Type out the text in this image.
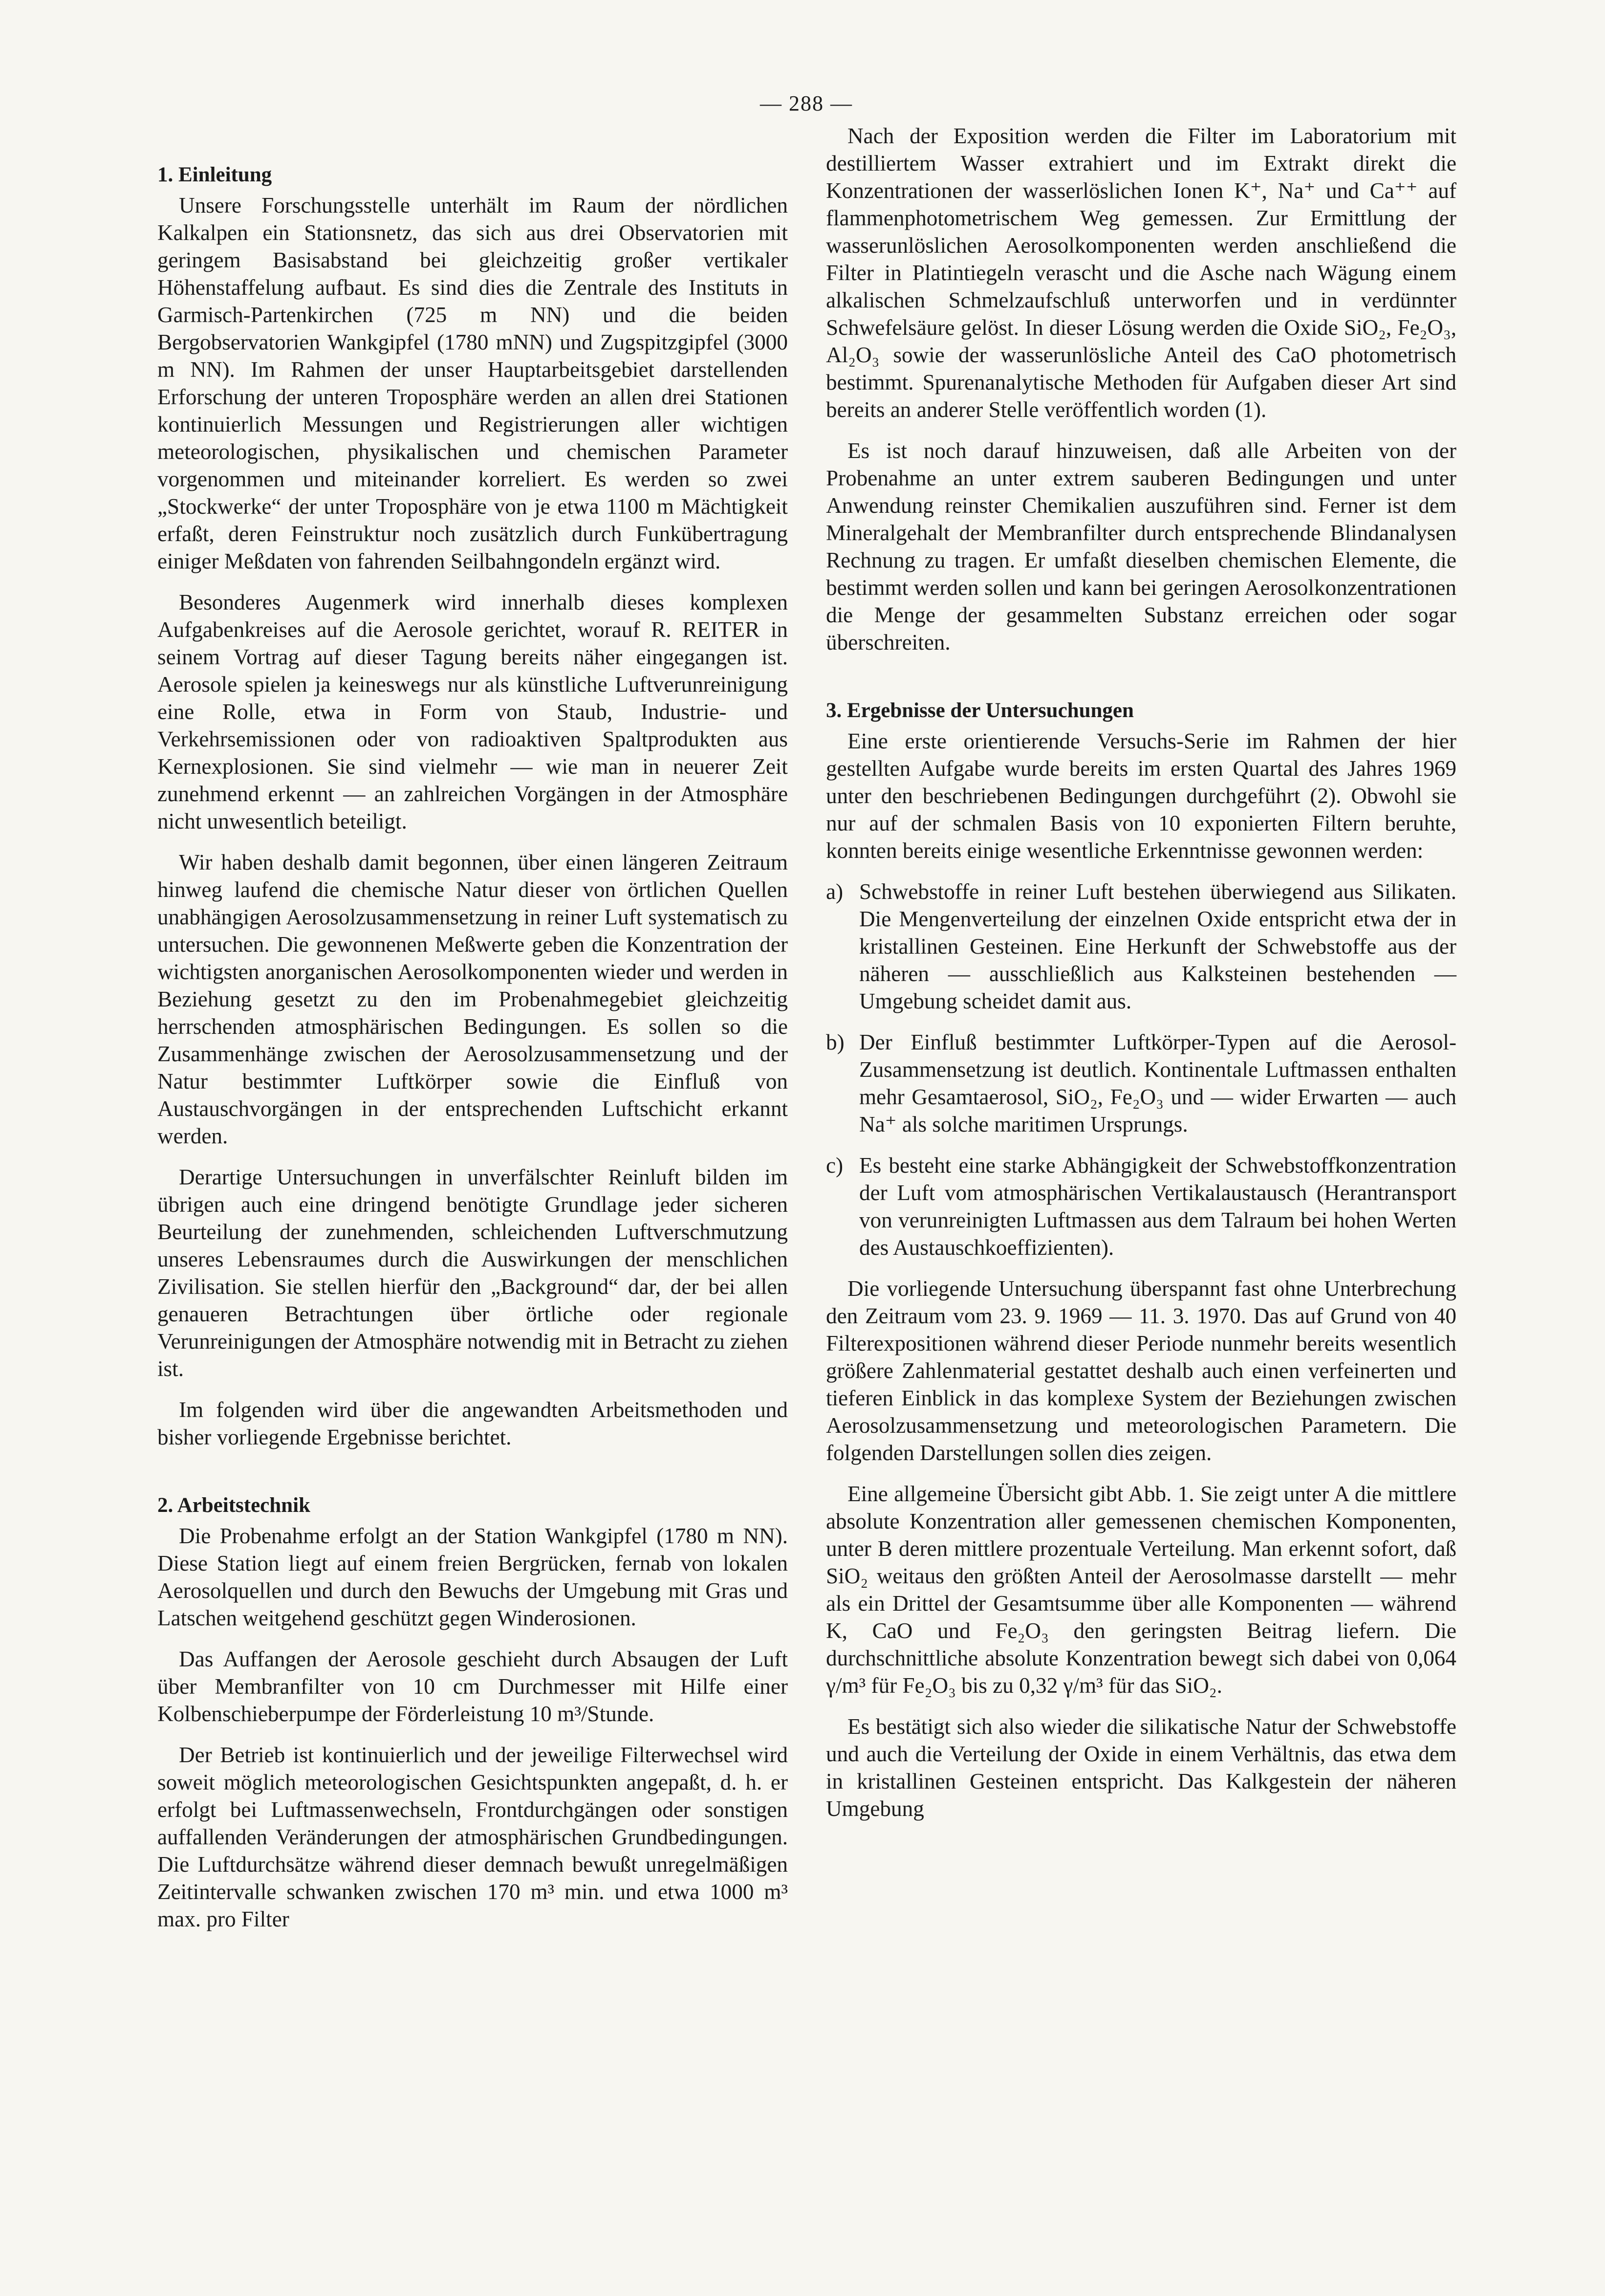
— 288 —
1. Einleitung

Unsere Forschungsstelle unterhält im Raum der nördlichen Kalkalpen ein Stationsnetz, das sich aus drei Observatorien mit geringem Basisabstand bei gleichzeitig großer vertikaler Höhenstaffelung aufbaut. Es sind dies die Zentrale des Instituts in Garmisch-Partenkirchen (725 m NN) und die beiden Bergobservatorien Wankgipfel (1780 mNN) und Zugspitzgipfel (3000 m NN). Im Rahmen der unser Hauptarbeitsgebiet darstellenden Erforschung der unteren Troposphäre werden an allen drei Stationen kontinuierlich Messungen und Registrierungen aller wichtigen meteorologischen, physikalischen und chemischen Parameter vorgenommen und miteinander korreliert. Es werden so zwei „Stockwerke“ der unter Troposphäre von je etwa 1100 m Mächtigkeit erfaßt, deren Feinstruktur noch zusätzlich durch Funkübertragung einiger Meßdaten von fahrenden Seilbahngondeln ergänzt wird.

Besonderes Augenmerk wird innerhalb dieses komplexen Aufgabenkreises auf die Aerosole gerichtet, worauf R. REITER in seinem Vortrag auf dieser Tagung bereits näher eingegangen ist. Aerosole spielen ja keineswegs nur als künstliche Luftverunreinigung eine Rolle, etwa in Form von Staub, Industrie- und Verkehrsemissionen oder von radioaktiven Spaltprodukten aus Kernexplosionen. Sie sind vielmehr — wie man in neuerer Zeit zunehmend erkennt — an zahlreichen Vorgängen in der Atmosphäre nicht unwesentlich beteiligt.

Wir haben deshalb damit begonnen, über einen längeren Zeitraum hinweg laufend die chemische Natur dieser von örtlichen Quellen unabhängigen Aerosolzusammensetzung in reiner Luft systematisch zu untersuchen. Die gewonnenen Meßwerte geben die Konzentration der wichtigsten anorganischen Aerosolkomponenten wieder und werden in Beziehung gesetzt zu den im Probenahmegebiet gleichzeitig herrschenden atmosphärischen Bedingungen. Es sollen so die Zusammenhänge zwischen der Aerosolzusammensetzung und der Natur bestimmter Luftkörper sowie die Einfluß von Austauschvorgängen in der entsprechenden Luftschicht erkannt werden.

Derartige Untersuchungen in unverfälschter Reinluft bilden im übrigen auch eine dringend benötigte Grundlage jeder sicheren Beurteilung der zunehmenden, schleichenden Luftverschmutzung unseres Lebensraumes durch die Auswirkungen der menschlichen Zivilisation. Sie stellen hierfür den „Background“ dar, der bei allen genaueren Betrachtungen über örtliche oder regionale Verunreinigungen der Atmosphäre notwendig mit in Betracht zu ziehen ist.

Im folgenden wird über die angewandten Arbeitsmethoden und bisher vorliegende Ergebnisse berichtet.

2. Arbeitstechnik

Die Probenahme erfolgt an der Station Wankgipfel (1780 m NN). Diese Station liegt auf einem freien Bergrücken, fernab von lokalen Aerosolquellen und durch den Bewuchs der Umgebung mit Gras und Latschen weitgehend geschützt gegen Winderosionen.

Das Auffangen der Aerosole geschieht durch Absaugen der Luft über Membranfilter von 10 cm Durchmesser mit Hilfe einer Kolbenschieberpumpe der Förderleistung 10 m³/Stunde.

Der Betrieb ist kontinuierlich und der jeweilige Filterwechsel wird soweit möglich meteorologischen Gesichtspunkten angepaßt, d. h. er erfolgt bei Luftmassenwechseln, Frontdurchgängen oder sonstigen auffallenden Veränderungen der atmosphärischen Grundbedingungen. Die Luftdurchsätze während dieser demnach bewußt unregelmäßigen Zeitintervalle schwanken zwischen 170 m³ min. und etwa 1000 m³ max. pro Filter

Nach der Exposition werden die Filter im Laboratorium mit destilliertem Wasser extrahiert und im Extrakt direkt die Konzentrationen der wasserlöslichen Ionen K⁺, Na⁺ und Ca⁺⁺ auf flammenphotometrischem Weg gemessen. Zur Ermittlung der wasserunlöslichen Aerosolkomponenten werden anschließend die Filter in Platintiegeln verascht und die Asche nach Wägung einem alkalischen Schmelzaufschluß unterworfen und in verdünnter Schwefelsäure gelöst. In dieser Lösung werden die Oxide SiO₂, Fe₂O₃, Al₂O₃ sowie der wasserunlösliche Anteil des CaO photometrisch bestimmt. Spurenanalytische Methoden für Aufgaben dieser Art sind bereits an anderer Stelle veröffentlich worden (1).

Es ist noch darauf hinzuweisen, daß alle Arbeiten von der Probenahme an unter extrem sauberen Bedingungen und unter Anwendung reinster Chemikalien auszuführen sind. Ferner ist dem Mineralgehalt der Membranfilter durch entsprechende Blindanalysen Rechnung zu tragen. Er umfaßt dieselben chemischen Elemente, die bestimmt werden sollen und kann bei geringen Aerosolkonzentrationen die Menge der gesammelten Substanz erreichen oder sogar überschreiten.

3. Ergebnisse der Untersuchungen

Eine erste orientierende Versuchs-Serie im Rahmen der hier gestellten Aufgabe wurde bereits im ersten Quartal des Jahres 1969 unter den beschriebenen Bedingungen durchgeführt (2). Obwohl sie nur auf der schmalen Basis von 10 exponierten Filtern beruhte, konnten bereits einige wesentliche Erkenntnisse gewonnen werden:

a) Schwebstoffe in reiner Luft bestehen überwiegend aus Silikaten. Die Mengenverteilung der einzelnen Oxide entspricht etwa der in kristallinen Gesteinen. Eine Herkunft der Schwebstoffe aus der näheren — ausschließlich aus Kalksteinen bestehenden — Umgebung scheidet damit aus.
b) Der Einfluß bestimmter Luftkörper-Typen auf die Aerosol-Zusammensetzung ist deutlich. Kontinentale Luftmassen enthalten mehr Gesamtaerosol, SiO₂, Fe₂O₃ und — wider Erwarten — auch Na⁺ als solche maritimen Ursprungs.
c) Es besteht eine starke Abhängigkeit der Schwebstoffkonzentration der Luft vom atmosphärischen Vertikalaustausch (Herantransport von verunreinigten Luftmassen aus dem Talraum bei hohen Werten des Austauschkoeffizienten).

Die vorliegende Untersuchung überspannt fast ohne Unterbrechung den Zeitraum vom 23. 9. 1969 — 11. 3. 1970. Das auf Grund von 40 Filterexpositionen während dieser Periode nunmehr bereits wesentlich größere Zahlenmaterial gestattet deshalb auch einen verfeinerten und tieferen Einblick in das komplexe System der Beziehungen zwischen Aerosolzusammensetzung und meteorologischen Parametern. Die folgenden Darstellungen sollen dies zeigen.

Eine allgemeine Übersicht gibt Abb. 1. Sie zeigt unter A die mittlere absolute Konzentration aller gemessenen chemischen Komponenten, unter B deren mittlere prozentuale Verteilung. Man erkennt sofort, daß SiO₂ weitaus den größten Anteil der Aerosolmasse darstellt — mehr als ein Drittel der Gesamtsumme über alle Komponenten — während K, CaO und Fe₂O₃ den geringsten Beitrag liefern. Die durchschnittliche absolute Konzentration bewegt sich dabei von 0,064 γ/m³ für Fe₂O₃ bis zu 0,32 γ/m³ für das SiO₂.

Es bestätigt sich also wieder die silikatische Natur der Schwebstoffe und auch die Verteilung der Oxide in einem Verhältnis, das etwa dem in kristallinen Gesteinen entspricht. Das Kalkgestein der näheren Umgebung
